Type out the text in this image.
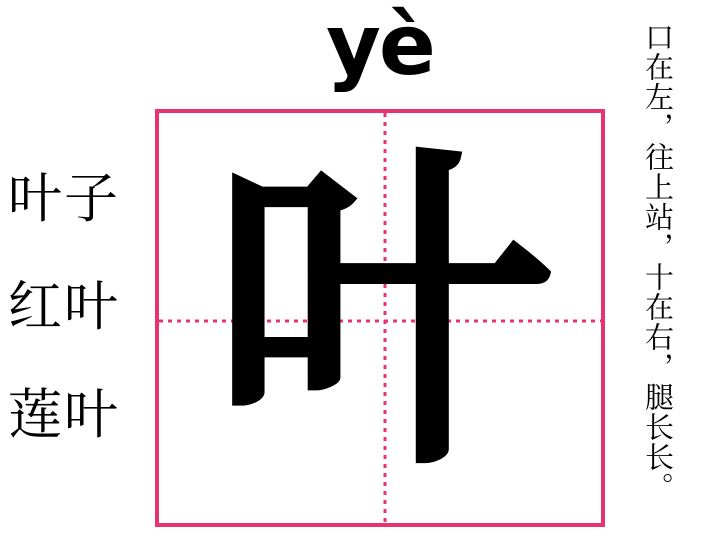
yè
叶子
红叶
莲叶 叶	口在左，往上站，十在右，腿长长。
